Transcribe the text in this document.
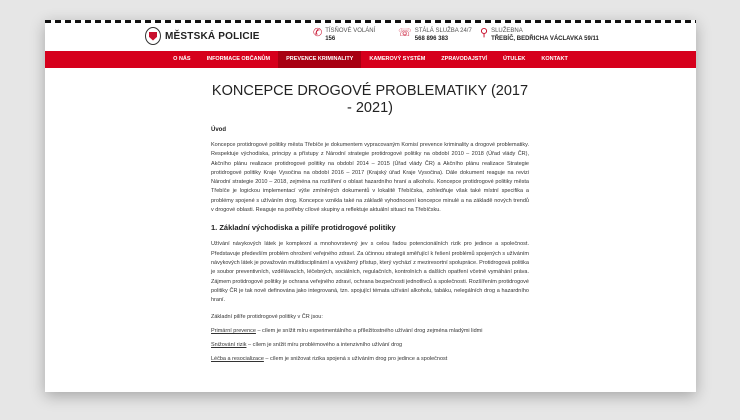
MĚSTSKÁ POLICIE	✆ TÍSŇOVÉ VOLÁNÍ
156	☏ STÁLÁ SLUŽBA 24/7
568 896 383	⚲ SLUŽEBNA
TŘEBÍČ, BEDŘICHA VÁCLAVKA 59/11
O NÁS	INFORMACE OBČANŮM	PREVENCE KRIMINALITY	KAMEROVÝ SYSTÉM	ZPRAVODAJSTVÍ	ÚTULEK	KONTAKT
KONCEPCE DROGOVÉ PROBLEMATIKY (2017 - 2021)
Úvod

Koncepce protidrogové politiky města Třebíče je dokumentem vypracovaným Komisí prevence kriminality a drogové problematiky. Respektuje východiska, principy a přístupy z Národní strategie protidrogové politiky na období 2010 – 2018 (Úřad vlády ČR), Akčního plánu realizace protidrogové politiky na období 2014 – 2015 (Úřad vlády ČR) a Akčního plánu realizace Strategie protidrogové politiky Kraje Vysočina na období 2016 – 2017 (Krajský úřad Kraje Vysočina). Dále dokument reaguje na revizi Národní strategie 2010 – 2018, zejména na rozšíření o oblast hazardního hraní a alkoholu. Koncepce protidrogové politiky města Třebíče je logickou implementací výše zmíněných dokumentů v lokalitě Třebíčska, zohledňuje však také místní specifika a problémy spojené s užíváním drog. Koncepce vznikla také na základě vyhodnocení koncepce minulé a na základě nových trendů v drogové oblasti. Reaguje na potřeby cílové skupiny a reflektuje aktuální situaci na Třebíčsku.

1. Základní východiska a pilíře protidrogové politiky

Užívání návykových látek je komplexní a mnohovrstevný jev s celou řadou potencionálních rizik pro jedince a společnost. Představuje především problém ohrožení veřejného zdraví. Za účinnou strategii směřující k řešení problémů spojených s užíváním návykových látek je považován multidisciplinární a vyvážený přístup, který vychází z meziresortní spolupráce. Protidrogová politika je soubor preventivních, vzdělávacích, léčebných, sociálních, regulačních, kontrolních a dalších opatření včetně vymáhání práva. Zájmem protidrogové politiky je ochrana veřejného zdraví, ochrana bezpečnosti jednotlivců a společnosti. Rozšířením protidrogové politiky ČR je tak nově definována jako integrovaná, tzn. spojující témata užívání alkoholu, tabáku, nelegálních drog a hazardního hraní.

Základní pilíře protidrogové politiky v ČR jsou:

Primární prevence – cílem je snížit míru experimentálního a příležitostného užívání drog zejména mladými lidmi

Snižování rizik – cílem je snížit míru problémového a intenzivního užívání drog

Léčba a resocializace – cílem je snižovat rizika spojená s užíváním drog pro jedince a společnost
